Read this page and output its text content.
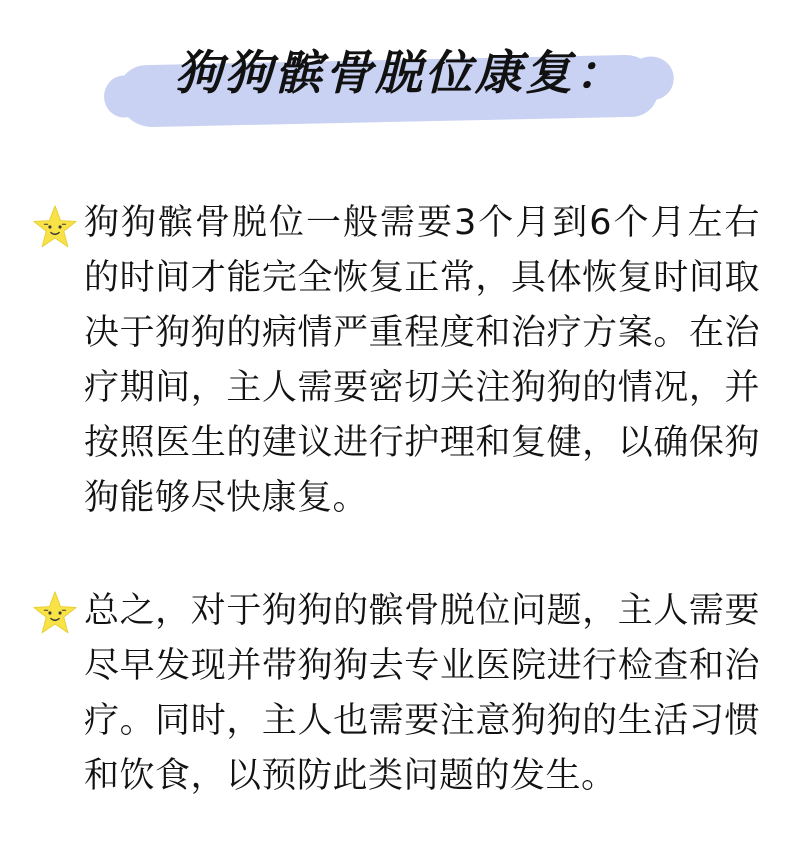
狗狗髌骨脱位康复：
狗狗髌骨脱位一般需要3个月到6个月左右的时间才能完全恢复正常，具体恢复时间取决于狗狗的病情严重程度和治疗方案。在治疗期间，主人需要密切关注狗狗的情况，并按照医生的建议进行护理和复健，以确保狗狗能够尽快康复。
总之，对于狗狗的髌骨脱位问题，主人需要尽早发现并带狗狗去专业医院进行检查和治疗。同时，主人也需要注意狗狗的生活习惯和饮食，以预防此类问题的发生。
